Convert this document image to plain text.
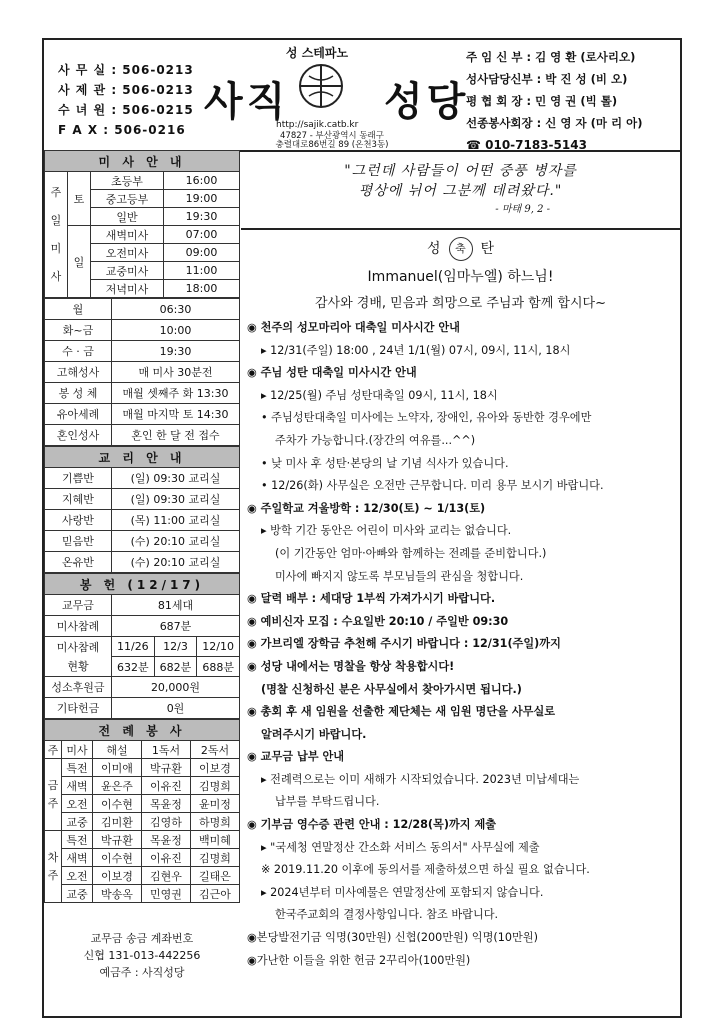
사 무 실 : 506-0213
사 제 관 : 506-0213
수 녀 원 : 506-0215
F A X : 506-0216
성 스테파노
사직 성당
http://sajik.catb.kr
47827 - 부산광역시 동래구
충렬대로86번길 89 (온천3동)
주 임 신 부 : 김 영 환 (로사리오)
성사담당신부 : 박 진 성 (비 오)
평 협 회 장 : 민 영 권 (빅 톨)
선종봉사회장 : 신 영 자 (마 리 아)
☎ 010-7183-5143
미 사 안 내			
주
일
미
사	토	초등부	16:00
		중고등부	19:00
		일반	19:30
	일	새벽미사	07:00
		오전미사	09:00
		교중미사	11:00
		저녁미사	18:00
월	06:30
화~금	10:00
수 · 금	19:30
고해성사	매 미사 30분전
봉 성 체	매월 셋째주 화 13:30
유아세례	매월 마지막 토 14:30
혼인성사	혼인 한 달 전 접수
교 리 안 내	
기쁨반	(일) 09:30 교리실
지혜반	(일) 09:30 교리실
사랑반	(목) 11:00 교리실
믿음반	(수) 20:10 교리실
온유반	(수) 20:10 교리실
봉 헌 (12/17)			
교무금	81세대		
미사참례	687분		
미사참례
현황	11/26	12/3	12/10
	632분	682분	688분
성소후원금	20,000원		
기타헌금	0원		
전 례 봉 사				
주	미사	해설	1독서	2독서
금
주	특전	이미애	박규환	이보경
	새벽	윤은주	이유진	김명희
	오전	이수현	목윤정	윤미정
	교중	김미환	김영하	하명희
차
주	특전	박규환	목윤정	백미혜
	새벽	이수현	이유진	김명희
	오전	이보경	김현우	길태은
	교중	박송옥	민영권	김근아
교무금 송금 계좌번호
신협 131-013-442256
예금주 : 사직성당
"그런데 사람들이 어떤 중풍 병자를
평상에 뉘어 그분께 데려왔다."
- 마태 9, 2 -
성 축 탄
Immanuel(임마누엘) 하느님!
감사와 경배, 믿음과 희망으로 주님과 함께 합시다~
◉ 천주의 성모마리아 대축일 미사시간 안내
▸ 12/31(주일) 18:00 , 24년 1/1(월) 07시, 09시, 11시, 18시
◉ 주님 성탄 대축일 미사시간 안내
▸ 12/25(월) 주님 성탄대축일 09시, 11시, 18시
• 주님성탄대축일 미사에는 노약자, 장애인, 유아와 동반한 경우에만
주차가 가능합니다.(장간의 여유를...^^)
• 낮 미사 후 성탄·본당의 날 기념 식사가 있습니다.
• 12/26(화) 사무실은 오전만 근무합니다. 미리 용무 보시기 바랍니다.
◉ 주일학교 겨울방학 : 12/30(토) ~ 1/13(토)
▸ 방학 기간 동안은 어린이 미사와 교리는 없습니다.
(이 기간동안 엄마·아빠와 함께하는 전례를 준비합니다.)
미사에 빠지지 않도록 부모님들의 관심을 청합니다.
◉ 달력 배부 : 세대당 1부씩 가져가시기 바랍니다.
◉ 예비신자 모집 : 수요일반 20:10 / 주일반 09:30
◉ 가브리엘 장학금 추천해 주시기 바랍니다 : 12/31(주일)까지
◉ 성당 내에서는 명찰을 항상 착용합시다!
(명찰 신청하신 분은 사무실에서 찾아가시면 됩니다.)
◉ 총회 후 새 임원을 선출한 제단체는 새 임원 명단을 사무실로
알려주시기 바랍니다.
◉ 교무금 납부 안내
▸ 전례력으로는 이미 새해가 시작되었습니다. 2023년 미납세대는
납부를 부탁드립니다.
◉ 기부금 영수증 관련 안내 : 12/28(목)까지 제출
▸ "국세청 연말정산 간소화 서비스 동의서" 사무실에 제출
※ 2019.11.20 이후에 동의서를 제출하셨으면 하실 필요 없습니다.
▸ 2024년부터 미사예물은 연말정산에 포함되지 않습니다.
한국주교회의 결정사항입니다. 참조 바랍니다.
◉본당발전기금 익명(30만원) 신협(200만원) 익명(10만원)
◉가난한 이들을 위한 헌금 2꾸리아(100만원)
